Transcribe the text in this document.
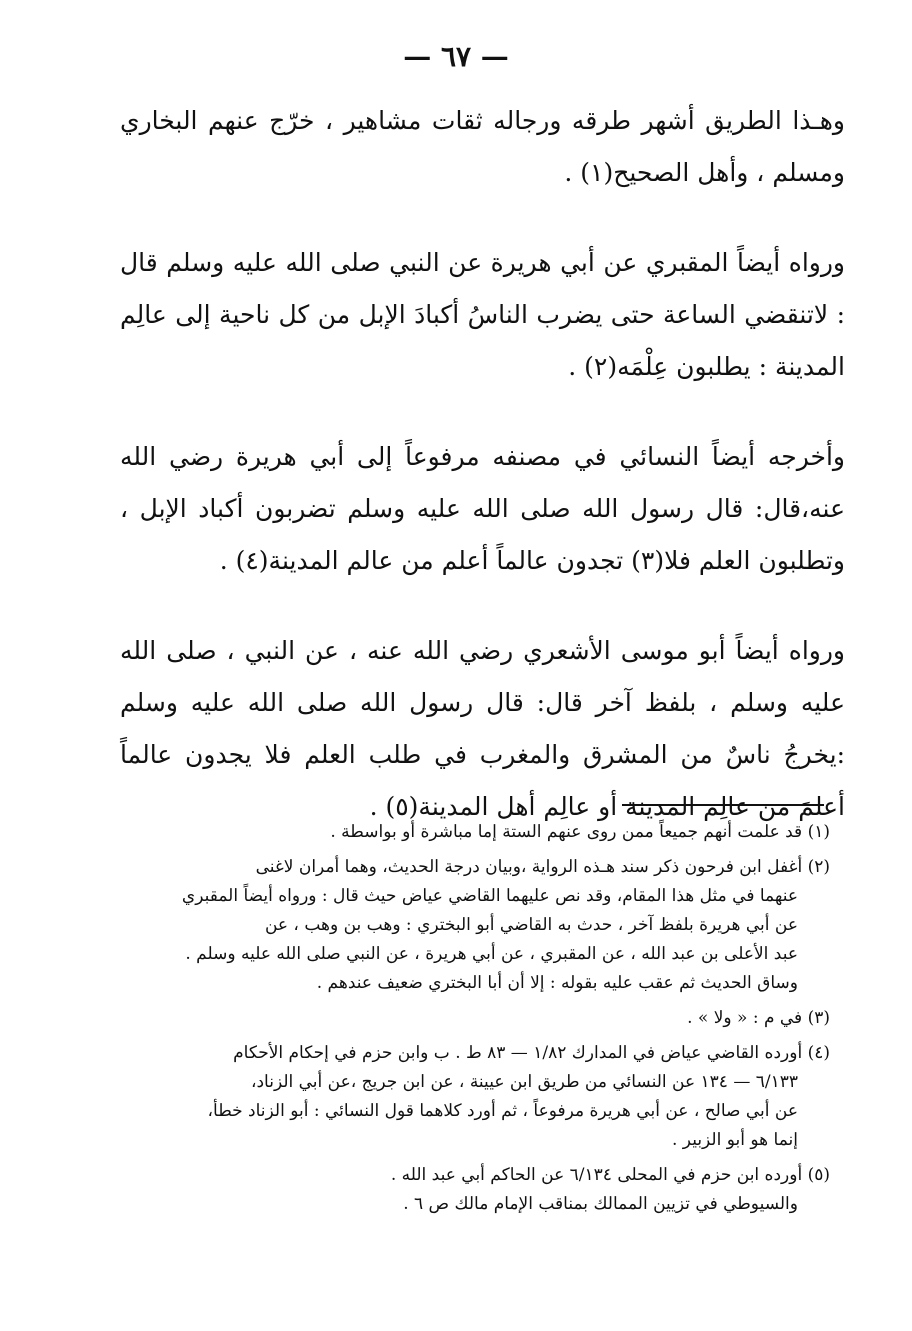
— ٦٧ —

وهـذا الطريق أشهر طرقه ورجاله ثقات مشاهير ، خرّج عنهم البخاري ومسلم ، وأهل الصحيح(١) .

ورواه أيضاً المقبري عن أبي هريرة عن النبي صلى الله عليه وسلم قال : لاتنقضي الساعة حتى يضرب الناسُ أكبادَ الإبل من كل ناحية إلى عالِم المدينة : يطلبون عِلْمَه(٢) .

وأخرجه أيضاً النسائي في مصنفه مرفوعاً إلى أبي هريرة رضي الله عنه،قال: قال رسول الله صلى الله عليه وسلم تضربون أكباد الإبل ، وتطلبون العلم فلا(٣) تجدون عالماً أعلم من عالم المدينة(٤) .

ورواه أيضاً أبو موسى الأشعري رضي الله عنه ، عن النبي ، صلى الله عليه وسلم ، بلفظ آخر قال: قال رسول الله صلى الله عليه وسلم :يخرجُ ناسٌ من المشرق والمغرب في طلب العلم فلا يجدون عالماً أعلمَ من عالِم المدينة أو عالِم أهل المدينة(٥) .

(١) قد علمت أنهم جميعاً ممن روى عنهم الستة إما مباشرة أو بواسطة .

(٢) أغفل ابن فرحون ذكر سند هـذه الرواية ،وبيان درجة الحديث، وهما أمران لاغنى

عنهما في مثل هذا المقام، وقد نص عليهما القاضي عياض حيث قال : ورواه أيضاً المقبري

عن أبي هريرة بلفظ آخر ، حدث به القاضي أبو البختري : وهب بن وهب ، عن

عبد الأعلى بن عبد الله ، عن المقبري ، عن أبي هريرة ، عن النبي صلى الله عليه وسلم .

وساق الحديث ثم عقب عليه بقوله : إلا أن أبا البختري ضعيف عندهم .

(٣) في م : « ولا » .

(٤) أورده القاضي عياض في المدارك ١/٨٢ — ٨٣ ط . ب وابن حزم في إحكام الأحكام

٦/١٣٣ — ١٣٤ عن النسائي من طريق ابن عيينة ، عن ابن جريج ،عن أبي الزناد،

عن أبي صالح ، عن أبي هريرة مرفوعاً ، ثم أورد كلاهما قول النسائي : أبو الزناد خطأ،

إنما هو أبو الزبير .

(٥) أورده ابن حزم في المحلى ٦/١٣٤ عن الحاكم أبي عبد الله .

والسيوطي في تزيين الممالك بمناقب الإمام مالك ص ٦ .
